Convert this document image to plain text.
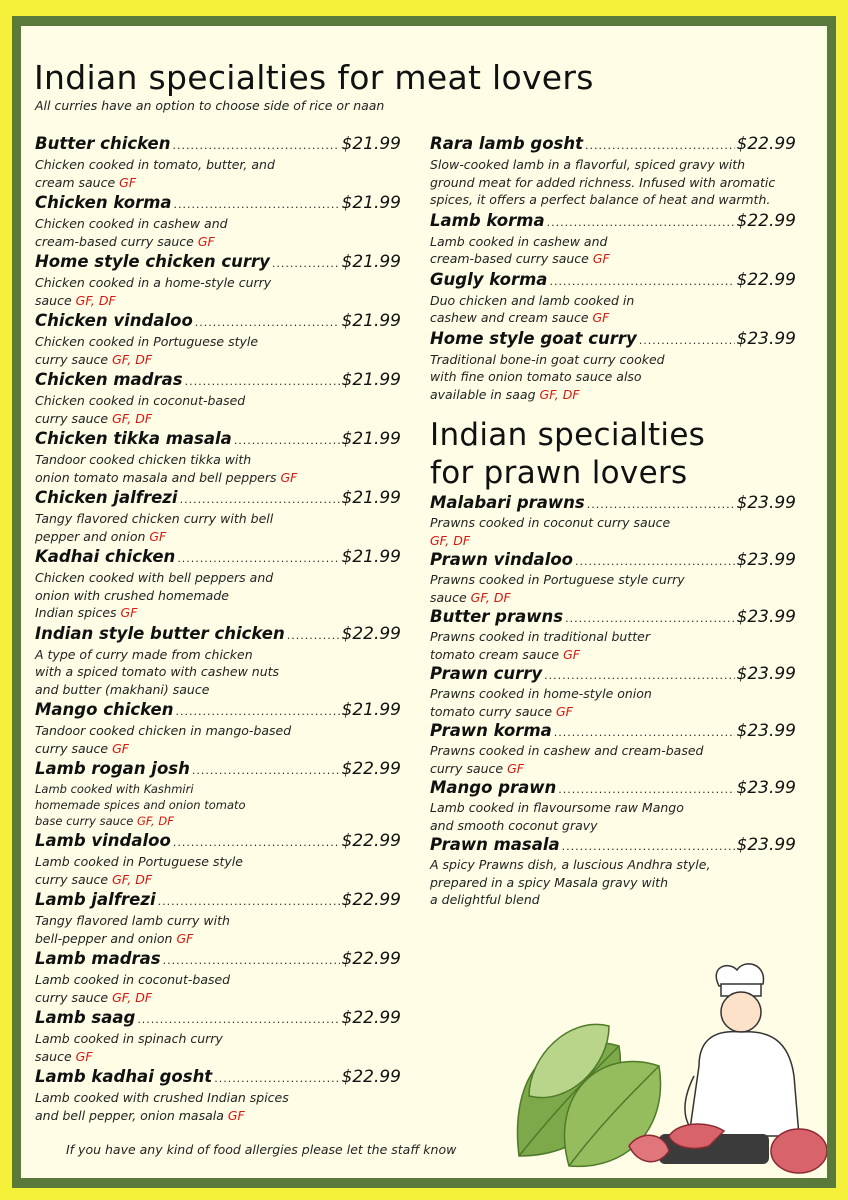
Indian specialties for meat lovers
All curries have an option to choose side of rice or naan
Butter chicken .....	$21.99
Chicken cooked in tomato, butter, and
cream sauce GF
Chicken korma .....	$21.99
Chicken cooked in cashew and
cream-based curry sauce GF
Home style chicken curry .....	$21.99
Chicken cooked in a home-style curry
sauce GF, DF
Chicken vindaloo .....	$21.99
Chicken cooked in Portuguese style
curry sauce GF, DF
Chicken madras .....	$21.99
Chicken cooked in coconut-based
curry sauce GF, DF
Chicken tikka masala .....	$21.99
Tandoor cooked chicken tikka with
onion tomato masala and bell peppers GF
Chicken jalfrezi .....	$21.99
Tangy flavored chicken curry with bell
pepper and onion GF
Kadhai chicken .....	$21.99
Chicken cooked with bell peppers and
onion with crushed homemade
Indian spices GF
Indian style butter chicken .....	$22.99
A type of curry made from chicken
with a spiced tomato with cashew nuts
and butter (makhani) sauce
Mango chicken .....	$21.99
Tandoor cooked chicken in mango-based
curry sauce GF
Lamb rogan josh .....	$22.99
Lamb cooked with Kashmiri
homemade spices and onion tomato
base curry sauce GF, DF
Lamb vindaloo .....	$22.99
Lamb cooked in Portuguese style
curry sauce GF, DF
Lamb jalfrezi .....	$22.99
Tangy flavored lamb curry with
bell-pepper and onion GF
Lamb madras .....	$22.99
Lamb cooked in coconut-based
curry sauce GF, DF
Lamb saag .....	$22.99
Lamb cooked in spinach curry
sauce GF
Lamb kadhai gosht .....	$22.99
Lamb cooked with crushed Indian spices
and bell pepper, onion masala GF
Rara lamb gosht .....	$22.99
Slow-cooked lamb in a flavorful, spiced gravy with
ground meat for added richness. Infused with aromatic
spices, it offers a perfect balance of heat and warmth.
Lamb korma .....	$22.99
Lamb cooked in cashew and
cream-based curry sauce GF
Gugly korma .....	$22.99
Duo chicken and lamb cooked in
cashew and cream sauce GF
Home style goat curry .....	$23.99
Traditional bone-in goat curry cooked
with fine onion tomato sauce also
available in saag GF, DF
Indian specialties
for prawn lovers
Malabari prawns .....	$23.99
Prawns cooked in coconut curry sauce
GF, DF
Prawn vindaloo .....	$23.99
Prawns cooked in Portuguese style curry
sauce GF, DF
Butter prawns .....	$23.99
Prawns cooked in traditional butter
tomato cream sauce GF
Prawn curry .....	$23.99
Prawns cooked in home-style onion
tomato curry sauce GF
Prawn korma .....	$23.99
Prawns cooked in cashew and cream-based
curry sauce GF
Mango prawn .....	$23.99
Lamb cooked in flavoursome raw Mango
and smooth coconut gravy
Prawn masala .....	$23.99
A spicy Prawns dish, a luscious Andhra style,
prepared in a spicy Masala gravy with
a delightful blend
If you have any kind of food allergies please let the staff know
